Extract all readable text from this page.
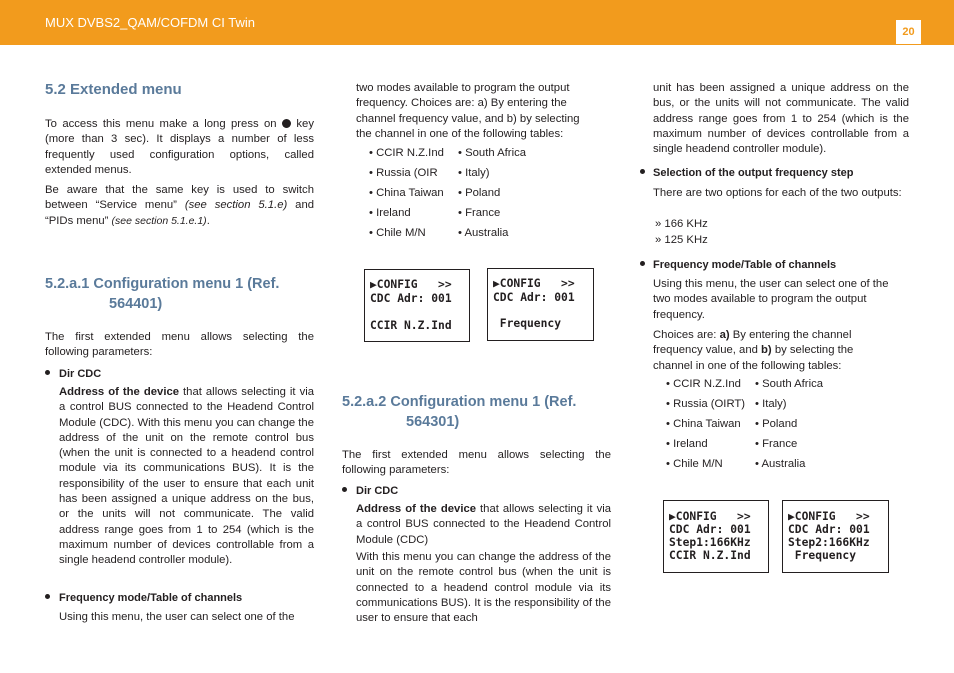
MUX DVBS2_QAM/COFDM CI Twin
20
5.2 Extended menu
To access this menu make a long press on key (more than 3 sec). It displays a number of less frequently used configuration options, called extended menus.
Be aware that the same key is used to switch between “Service menu” (see section 5.1.e) and “PIDs menu” (see section 5.1.e.1).
5.2.a.1 Configuration menu 1 (Ref.
564401)
The first extended menu allows selecting the following parameters:
Dir CDC
Address of the device that allows selecting it via a control BUS connected to the Headend Control Module (CDC). With this menu you can change the address of the unit on the remote control bus (when the unit is connected to a headend control module via its communications BUS). It is the responsibility of the user to ensure that each unit has been assigned a unique address on the bus, or the units will not communicate. The valid address range goes from 1 to 254 (which is the maximum number of devices controllable from a single headend controller module).
Frequency mode/Table of channels
Using this menu, the user can select one of the
two modes available to program the output frequency. Choices are: a) By entering the channel frequency value, and b) by selecting the channel in one of the following tables:
• CCIR N.Z.Ind
• Russia (OIR
• China Taiwan
• Ireland
• Chile M/N
• South Africa
• Italy)
• Poland
• France
• Australia

▶CONFIG   >>

CDC Adr: 001

CCIR N.Z.Ind

▶CONFIG   >>

CDC Adr: 001

Frequency

5.2.a.2 Configuration menu 1 (Ref.
564301)
The first extended menu allows selecting the following parameters:
Dir CDC
Address of the device that allows selecting it via a control BUS connected to the Headend Control Module (CDC)
With this menu you can change the address of the unit on the remote control bus (when the unit is connected to a headend control module via its communications BUS). It is the responsibility of the user to ensure that each
unit has been assigned a unique address on the bus, or the units will not communicate. The valid address range goes from 1 to 254 (which is the maximum number of devices controllable from a single headend controller module).
Selection of the output frequency step
There are two options for each of the two outputs:
» 166 KHz
» 125 KHz
Frequency mode/Table of channels
Using this menu, the user can select one of the two modes available to program the output frequency.
Choices are: a) By entering the channel frequency value, and b) by selecting the channel in one of the following tables:
• CCIR N.Z.Ind
• Russia (OIRT)
• China Taiwan
• Ireland
• Chile M/N
• South Africa
• Italy)
• Poland
• France
• Australia

▶CONFIG   >>

CDC Adr: 001

Step1:166KHz

CCIR N.Z.Ind

▶CONFIG   >>

CDC Adr: 001

Step2:166KHz

Frequency
